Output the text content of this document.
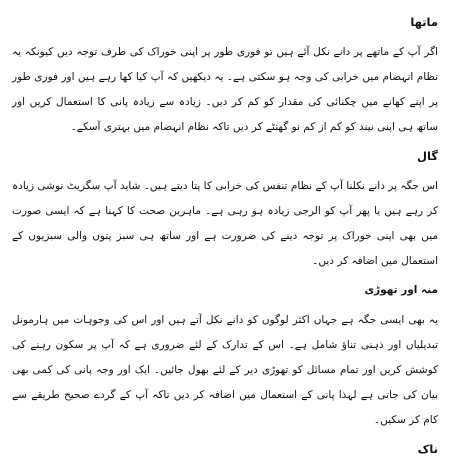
ماتھا

اگر آپ کے ماتھے پر دانے نکل آئے ہیں تو فوری طور پر اپنی خوراک کی طرف توجہ دیں کیونکہ یہ نظام انہضام میں خرابی کی وجہ ہو سکتی ہے۔ یہ دیکھیں کہ آپ کیا کھا رہے ہیں اور فوری طور پر اپنے کھانے میں چکنائی کی مقدار کو کم کر دیں۔ زیادہ سے زیادہ پانی کا استعمال کریں اور ساتھ ہی اپنی نیند کو کم از کم نو گھنٹے کر دیں تاکہ نظام انہضام میں بہتری آسکے۔

گال

اس جگہ پر دانے نکلنا آپ کے نظام تنفس کی خرابی کا پتا دیتے ہیں۔ شاید آپ سگریٹ نوشی زیادہ کر رہے ہیں یا پھر آپ کو الرجی زیادہ ہو رہی ہے۔ ماہرین صحت کا کہنا ہے کہ ایسی صورت میں بھی اپنی خوراک پر توجہ دینے کی ضرورت ہے اور ساتھ ہی سبز پتوں والی سبزیوں کے استعمال میں اضافہ کر دیں۔

منہ اور تھوڑی

یہ بھی ایسی جگہ ہے جہاں اکثر لوگوں کو دانے نکل آتے ہیں اور اس کی وجوہات میں ہارمونل تبدیلیاں اور ذہنی تناؤ شامل ہے۔ اس کے تدارک کے لئے ضروری ہے کہ آپ پر سکون رہنے کی کوشش کریں اور تمام مسائل کو تھوڑی دیر کے لئے بھول جائیں۔ ایک اور وجہ پانی کی کمی بھی بیان کی جاتی ہے لہذا پانی کے استعمال میں اضافہ کر دیں تاکہ آپ کے گردے صحیح طریقے سے کام کر سکیں۔

ناک
